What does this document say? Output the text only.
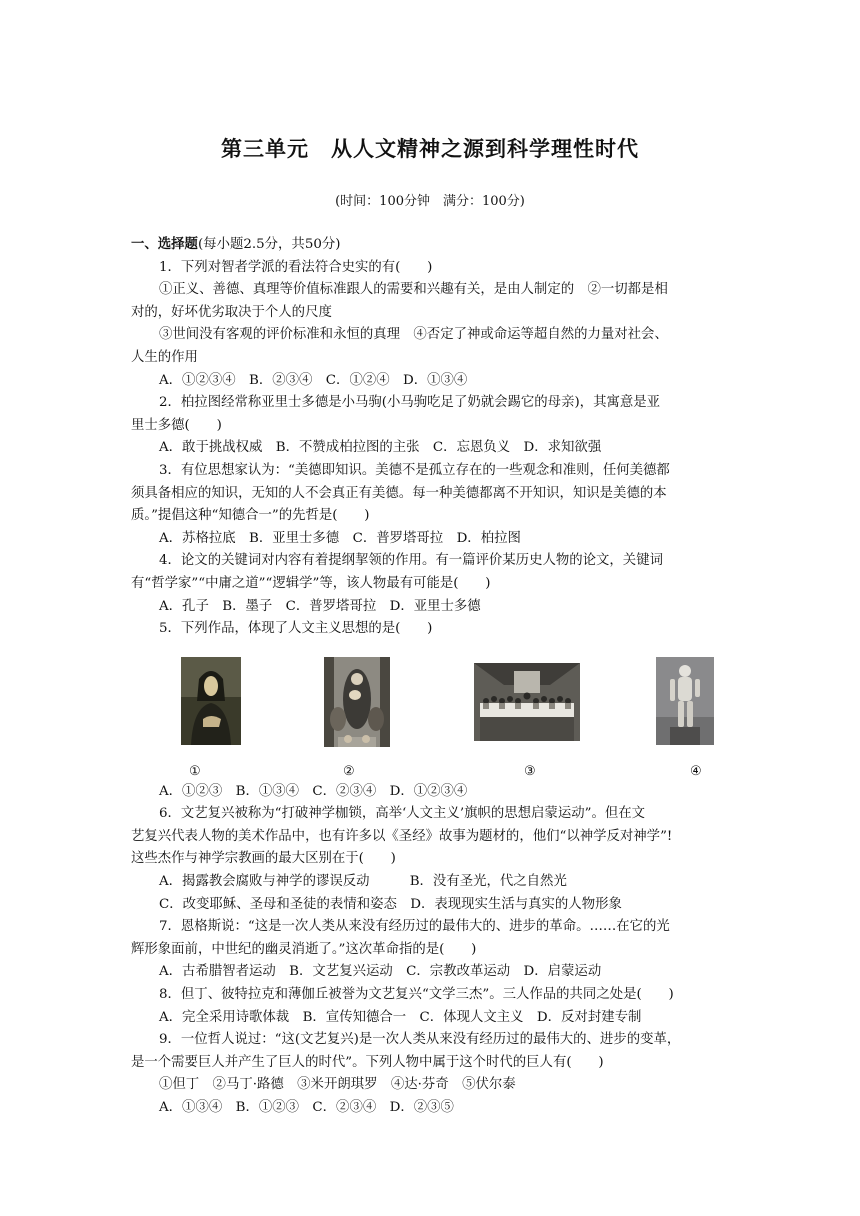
第三单元　从人文精神之源到科学理性时代
(时间：100分钟　满分：100分)
一、选择题(每小题2.5分，共50分)
1．下列对智者学派的看法符合史实的有(　　)
①正义、善德、真理等价值标准跟人的需要和兴趣有关，是由人制定的　②一切都是相
对的，好坏优劣取决于个人的尺度
③世间没有客观的评价标准和永恒的真理　④否定了神或命运等超自然的力量对社会、
人生的作用
A．①②③④　B．②③④　C．①②④　D．①③④
2．柏拉图经常称亚里士多德是小马驹(小马驹吃足了奶就会踢它的母亲)，其寓意是亚
里士多德(　　)
A．敢于挑战权威　B．不赞成柏拉图的主张　C．忘恩负义　D．求知欲强
3．有位思想家认为：“美德即知识。美德不是孤立存在的一些观念和准则，任何美德都
须具备相应的知识，无知的人不会真正有美德。每一种美德都离不开知识，知识是美德的本
质。”提倡这种“知德合一”的先哲是(　　)
A．苏格拉底　B．亚里士多德　C．普罗塔哥拉　D．柏拉图
4．论文的关键词对内容有着提纲挈领的作用。有一篇评价某历史人物的论文，关键词
有“哲学家”“中庸之道”“逻辑学”等，该人物最有可能是(　　)
A．孔子　B．墨子　C．普罗塔哥拉　D．亚里士多德
5．下列作品，体现了人文主义思想的是(　　)
①	②	③	④
A．①②③　B．①③④　C．②③④　D．①②③④
6．文艺复兴被称为“打破神学枷锁，高举‘人文主义’旗帜的思想启蒙运动”。但在文
艺复兴代表人物的美术作品中，也有许多以《圣经》故事为题材的，他们“以神学反对神学”!
这些杰作与神学宗教画的最大区别在于(　　)
A．揭露教会腐败与神学的谬误反动　　　B．没有圣光，代之自然光
C．改变耶稣、圣母和圣徒的表情和姿态　D．表现现实生活与真实的人物形象
7．恩格斯说：“这是一次人类从来没有经历过的最伟大的、进步的革命。……在它的光
辉形象面前，中世纪的幽灵消逝了。”这次革命指的是(　　)
A．古希腊智者运动　B．文艺复兴运动　C．宗教改革运动　D．启蒙运动
8．但丁、彼特拉克和薄伽丘被誉为文艺复兴“文学三杰”。三人作品的共同之处是(　　)
A．完全采用诗歌体裁　B．宣传知德合一　C．体现人文主义　D．反对封建专制
9．一位哲人说过：“这(文艺复兴)是一次人类从来没有经历过的最伟大的、进步的变革，
是一个需要巨人并产生了巨人的时代”。下列人物中属于这个时代的巨人有(　　)
①但丁　②马丁·路德　③米开朗琪罗　④达·芬奇　⑤伏尔泰
A．①③④　B．①②③　C．②③④　D．②③⑤
